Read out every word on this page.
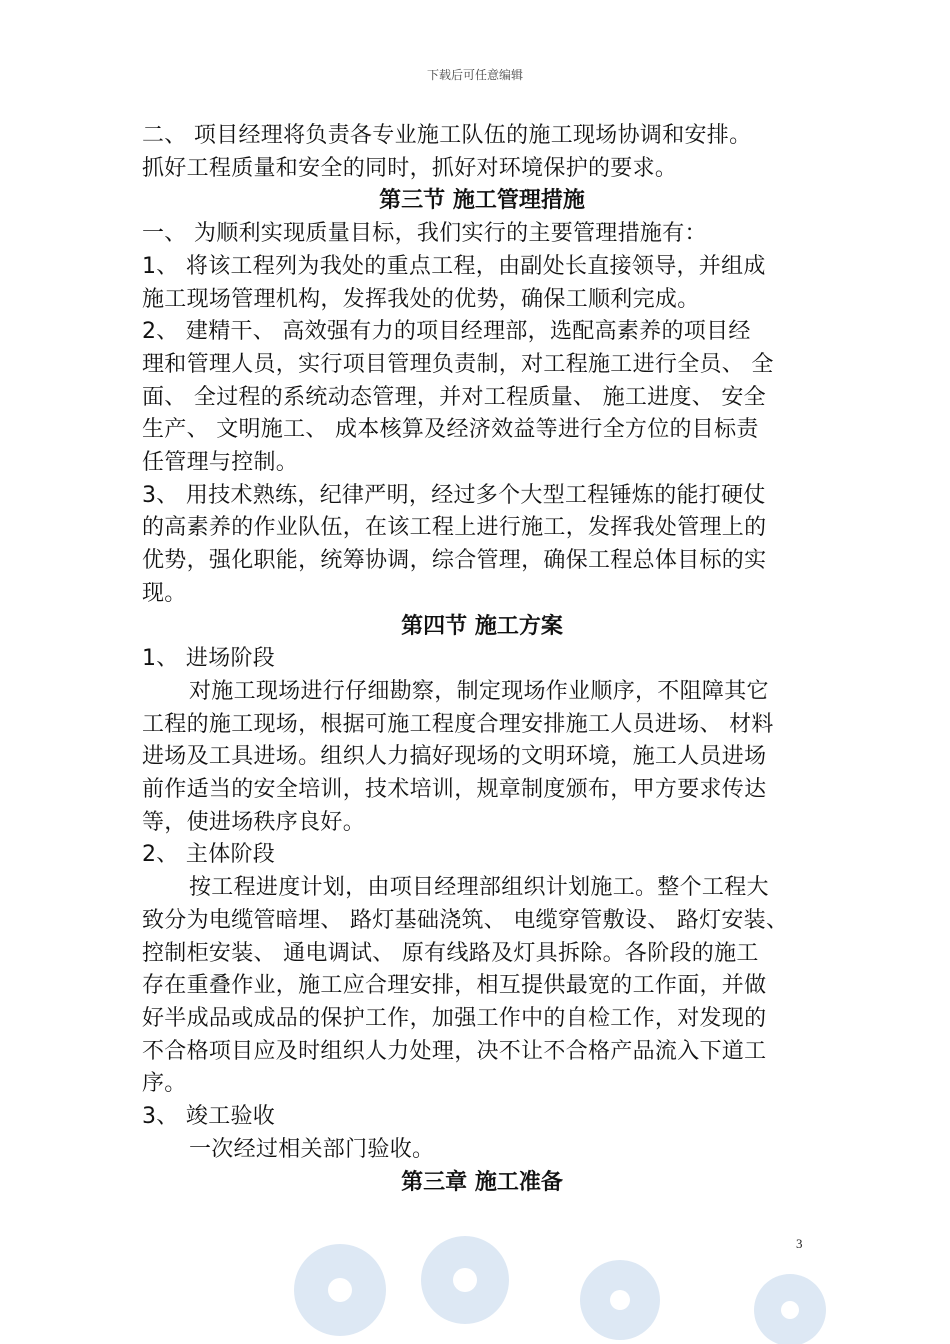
下载后可任意编辑
二、 项目经理将负责各专业施工队伍的施工现场协调和安排。
抓好工程质量和安全的同时，抓好对环境保护的要求。
第三节 施工管理措施
一、 为顺利实现质量目标，我们实行的主要管理措施有：
1、 将该工程列为我处的重点工程，由副处长直接领导，并组成
施工现场管理机构，发挥我处的优势，确保工顺利完成。
2、 建精干、 高效强有力的项目经理部，选配高素养的项目经
理和管理人员，实行项目管理负责制，对工程施工进行全员、 全
面、 全过程的系统动态管理，并对工程质量、 施工进度、 安全
生产、 文明施工、 成本核算及经济效益等进行全方位的目标责
任管理与控制。
3、 用技术熟练，纪律严明，经过多个大型工程锤炼的能打硬仗
的高素养的作业队伍，在该工程上进行施工，发挥我处管理上的
优势，强化职能，统筹协调，综合管理，确保工程总体目标的实
现。
第四节 施工方案
1、 进场阶段
对施工现场进行仔细勘察，制定现场作业顺序，不阻障其它
工程的施工现场，根据可施工程度合理安排施工人员进场、 材料
进场及工具进场。组织人力搞好现场的文明环境，施工人员进场
前作适当的安全培训，技术培训，规章制度颁布，甲方要求传达
等，使进场秩序良好。
2、 主体阶段
按工程进度计划，由项目经理部组织计划施工。整个工程大
致分为电缆管暗埋、 路灯基础浇筑、 电缆穿管敷设、 路灯安装、
控制柜安装、 通电调试、 原有线路及灯具拆除。各阶段的施工
存在重叠作业，施工应合理安排，相互提供最宽的工作面，并做
好半成品或成品的保护工作，加强工作中的自检工作，对发现的
不合格项目应及时组织人力处理，决不让不合格产品流入下道工
序。
3、 竣工验收
一次经过相关部门验收。
第三章 施工准备
3
